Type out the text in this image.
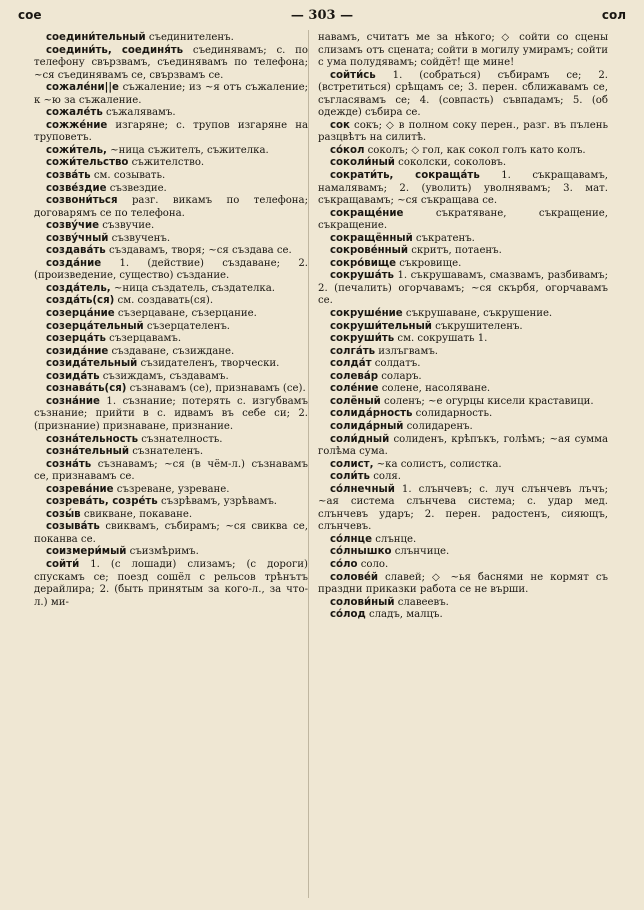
сое	— 303 —	сол

соедини́тельный съединителенъ.

соедини́ть, соединя́ть съединявамъ; с. по телефону свързвамъ, съединявамъ по телефона; ~ся съединявамъ се, свързвамъ се.

сожале́ни||е съжаление; из ~я отъ съжаление; к ~ю за съжаление.

сожале́ть съжалявамъ.

сожже́ние изгаряне; с. трупов изгаряне на труповетъ.

сожи́тель, ~ница съжителъ, съжителка.

сожи́тельство съжителство.

созва́ть см. созывать.

созве́здие съзвездие.

созвони́ться разг. викамъ по телефона; договарямъ се по телефона.

созву́чие съзвучие.

созву́чный съзвученъ.

создава́ть създавамъ, творя; ~ся създава се.

созда́ние 1. (действие) създаване; 2. (произведение, существо) създание.

созда́тель, ~ница създатель, създателка.

созда́ть(ся) см. создавать(ся).

созерца́ние съзерцаване, съзерцание.

созерца́тельный съзерцателенъ.

созерца́ть съзерцавамъ.

созида́ние създаване, съзиждане.

созида́тельный съзидателенъ, творчески.

созида́ть съзиждамъ, създавамъ.

сознава́ть(ся) съзнавамъ (се), признавамъ (се).

созна́ние 1. съзнание; потерять с. изгубвамъ съзнание; прийти в с. идвамъ въ себе си; 2. (признание) признаване, признание.

созна́тельность съзнателность.

созна́тельный съзнателенъ.

созна́ть съзнавамъ; ~ся (в чём-л.) съзнавамъ се, признавамъ се.

созрева́ние съзреване, узреване.

созрева́ть, созре́ть съзрѣвамъ, узрѣвамъ.

созы́в свикване, покаване.

созыва́ть свиквамъ, събирамъ; ~ся свиква се, поканва се.

соизмери́мый съизмѣримъ.

сойти́ 1. (с лошади) слизамъ; (с дороги) спускамъ се; поезд сошёл с рельсов трѣнътъ дерайлира; 2. (быть принятым за кого-л., за что-л.) ми-

навамъ, считатъ ме за нѣкого; ◇ сойти со сцены слизамъ отъ сцената; сойти в могилу умирамъ; сойти с ума полудявамъ; сойдёт! ще мине!

сойти́сь 1. (собраться) събирамъ се; 2. (встретиться) срѣщамъ се; 3. перен. сближавамъ се, съгласявамъ се; 4. (совпасть) съвпадамъ; 5. (об одежде) събира се.

сок сокъ; ◇ в полном соку перен., разг. въ пълень разцвѣтъ на силитѣ.

со́кол соколъ; ◇ гол, как сокол голъ като колъ.

соколи́ный соколски, соколовъ.

сократи́ть, сокраща́ть 1. съкращавамъ, намалявамъ; 2. (уволить) уволнявамъ; 3. мат. съкращавамъ; ~ся съкращава се.

сокраще́ние съкратяване, съкращение, съкращение.

сокращённый съкратенъ.

сокрове́нный скритъ, потаенъ.

сокро́вище съкровище.

сокруша́ть 1. съкрушавамъ, смазвамъ, разбивамъ; 2. (печалить) огорчавамъ; ~ся скърбя, огорчавамъ се.

сокруше́ние съкрушаване, съкрушение.

сокруши́тельный съкрушителенъ.

сокруши́ть см. сокрушать 1.

солга́ть излъгвамъ.

солда́т солдатъ.

солева́р соларъ.

соле́ние солене, насоляване.

солёный соленъ; ~е огурцы кисели краставици.

солида́рность солидарность.

солида́рный солидаренъ.

соли́дный солиденъ, крѣпъкъ, голѣмъ; ~ая сумма голѣма сума.

солист, ~ка солистъ, солистка.

соли́ть соля.

со́лнечный 1. слънчевъ; с. луч слънчевъ лъчъ; ~ая система слънчева система; с. удар мед. слънчевъ ударъ; 2. перен. радостенъ, сияющъ, слънчевъ.

со́лнце слънце.

со́лнышко слънчице.

со́ло соло.

солове́й славей; ◇ ~ья баснями не кормят съ праздни приказки работа се не върши.

солови́ный славеевъ.

со́лод сладъ, малцъ.
